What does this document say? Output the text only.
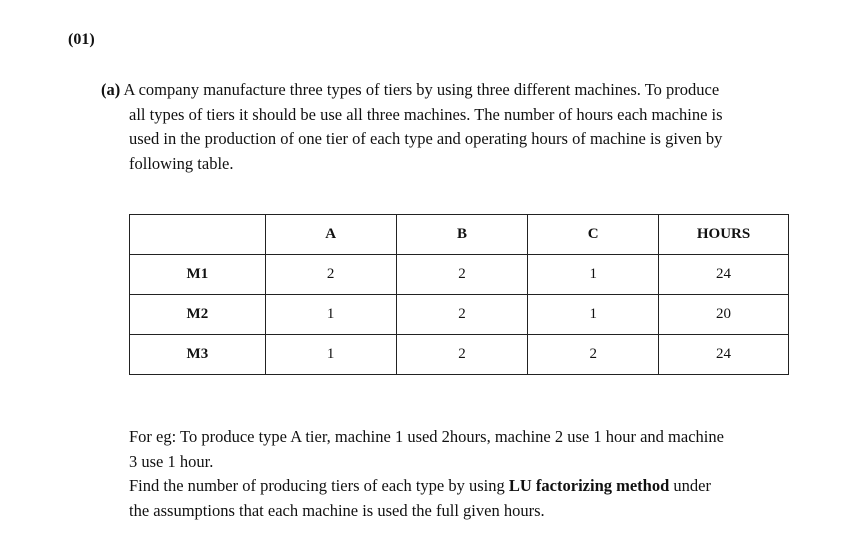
(01)
(a) A company manufacture three types of tiers by using three different machines. To produce
all types of tiers it should be use all three machines. The number of hours each machine is
used in the production of one tier of each type and operating hours of machine is given by
following table.
	A	B	C	HOURS
M1	2	2	1	24
M2	1	2	1	20
M3	1	2	2	24
For eg: To produce type A tier, machine 1 used 2hours, machine 2 use 1 hour and machine
3 use 1 hour.
Find the number of producing tiers of each type by using LU factorizing method under
the assumptions that each machine is used the full given hours.
